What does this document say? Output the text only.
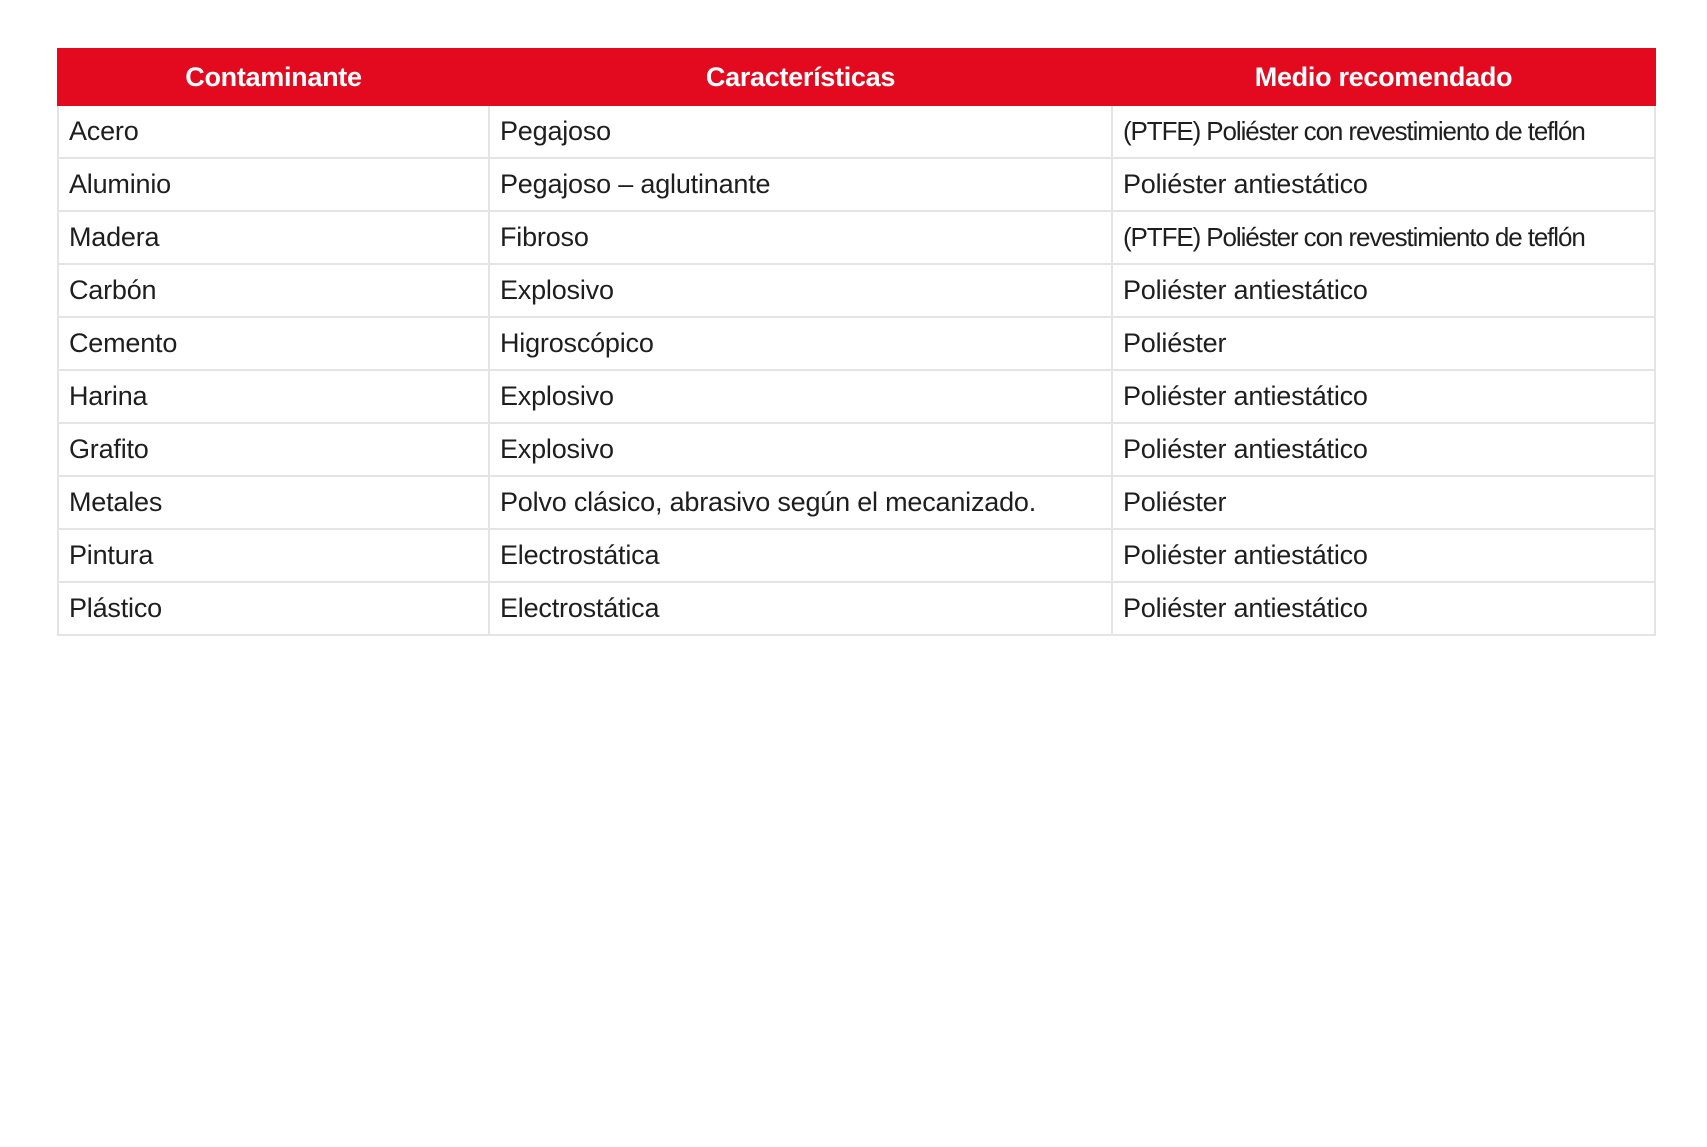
Contaminante	Características	Medio recomendado
Acero	Pegajoso	(PTFE) Poliéster con revestimiento de teflón
Aluminio	Pegajoso – aglutinante	Poliéster antiestático
Madera	Fibroso	(PTFE) Poliéster con revestimiento de teflón
Carbón	Explosivo	Poliéster antiestático
Cemento	Higroscópico	Poliéster
Harina	Explosivo	Poliéster antiestático
Grafito	Explosivo	Poliéster antiestático
Metales	Polvo clásico, abrasivo según el mecanizado.	Poliéster
Pintura	Electrostática	Poliéster antiestático
Plástico	Electrostática	Poliéster antiestático
